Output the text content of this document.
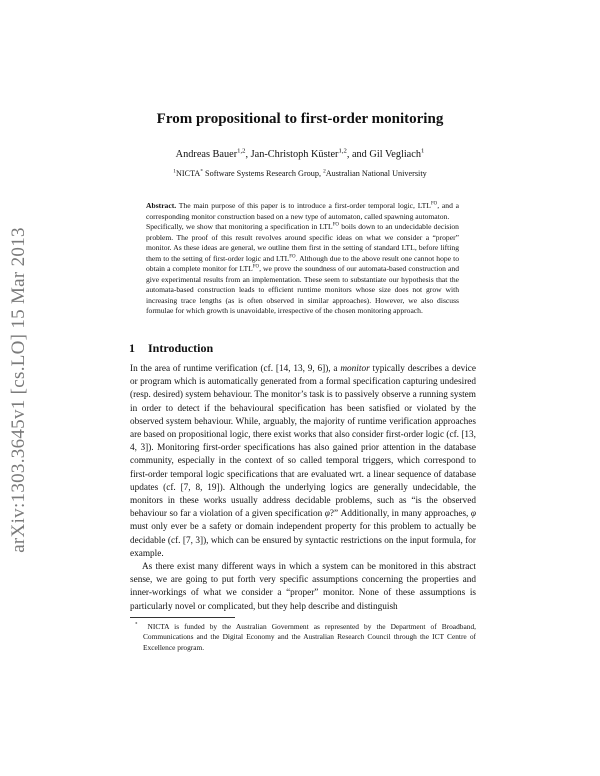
arXiv:1303.3645v1 [cs.LO] 15 Mar 2013
From propositional to first-order monitoring
Andreas Bauer$^{1,2}$, Jan-Christoph Küster$^{1,2}$, and Gil Vegliach$^1$
$^1$NICTA* Software Systems Research Group, $^2$Australian National University

Abstract. The main purpose of this paper is to introduce a first-order temporal logic, $LTL^{FO}$, and a corresponding monitor construction based on a new type of automaton, called spawning automaton.

Specifically, we show that monitoring a specification in $LTL^{FO}$ boils down to an undecidable decision problem. The proof of this result revolves around specific ideas on what we consider a “proper” monitor. As these ideas are general, we outline them first in the setting of standard LTL, before lifting them to the setting of first-order logic and $LTL^{FO}$. Although due to the above result one cannot hope to obtain a complete monitor for $LTL^{FO}$, we prove the soundness of our automata-based construction and give experimental results from an implementation. These seem to substantiate our hypothesis that the automata-based construction leads to efficient runtime monitors whose size does not grow with increasing trace lengths (as is often observed in similar approaches). However, we also discuss formulae for which growth is unavoidable, irrespective of the chosen monitoring approach.

1 Introduction

In the area of runtime verification (cf. [14, 13, 9, 6]), a monitor typically describes a device or program which is automatically generated from a formal specification capturing undesired (resp. desired) system behaviour. The monitor’s task is to passively observe a running system in order to detect if the behavioural specification has been satisfied or violated by the observed system behaviour. While, arguably, the majority of runtime verification approaches are based on propositional logic, there exist works that also consider first-order logic (cf. [13, 4, 3]). Monitoring first-order specifications has also gained prior attention in the database community, especially in the context of so called temporal triggers, which correspond to first-order temporal logic specifications that are evaluated wrt. a linear sequence of database updates (cf. [7, 8, 19]). Although the underlying logics are generally undecidable, the monitors in these works usually address decidable problems, such as “is the observed behaviour so far a violation of a given specification φ?” Additionally, in many approaches, φ must only ever be a safety or domain independent property for this problem to actually be decidable (cf. [7, 3]), which can be ensured by syntactic restrictions on the input formula, for example.

As there exist many different ways in which a system can be monitored in this abstract sense, we are going to put forth very specific assumptions concerning the properties and inner-workings of what we consider a “proper” monitor. None of these assumptions is particularly novel or complicated, but they help describe and distinguish

* NICTA is funded by the Australian Government as represented by the Department of Broadband, Communications and the Digital Economy and the Australian Research Council through the ICT Centre of Excellence program.
